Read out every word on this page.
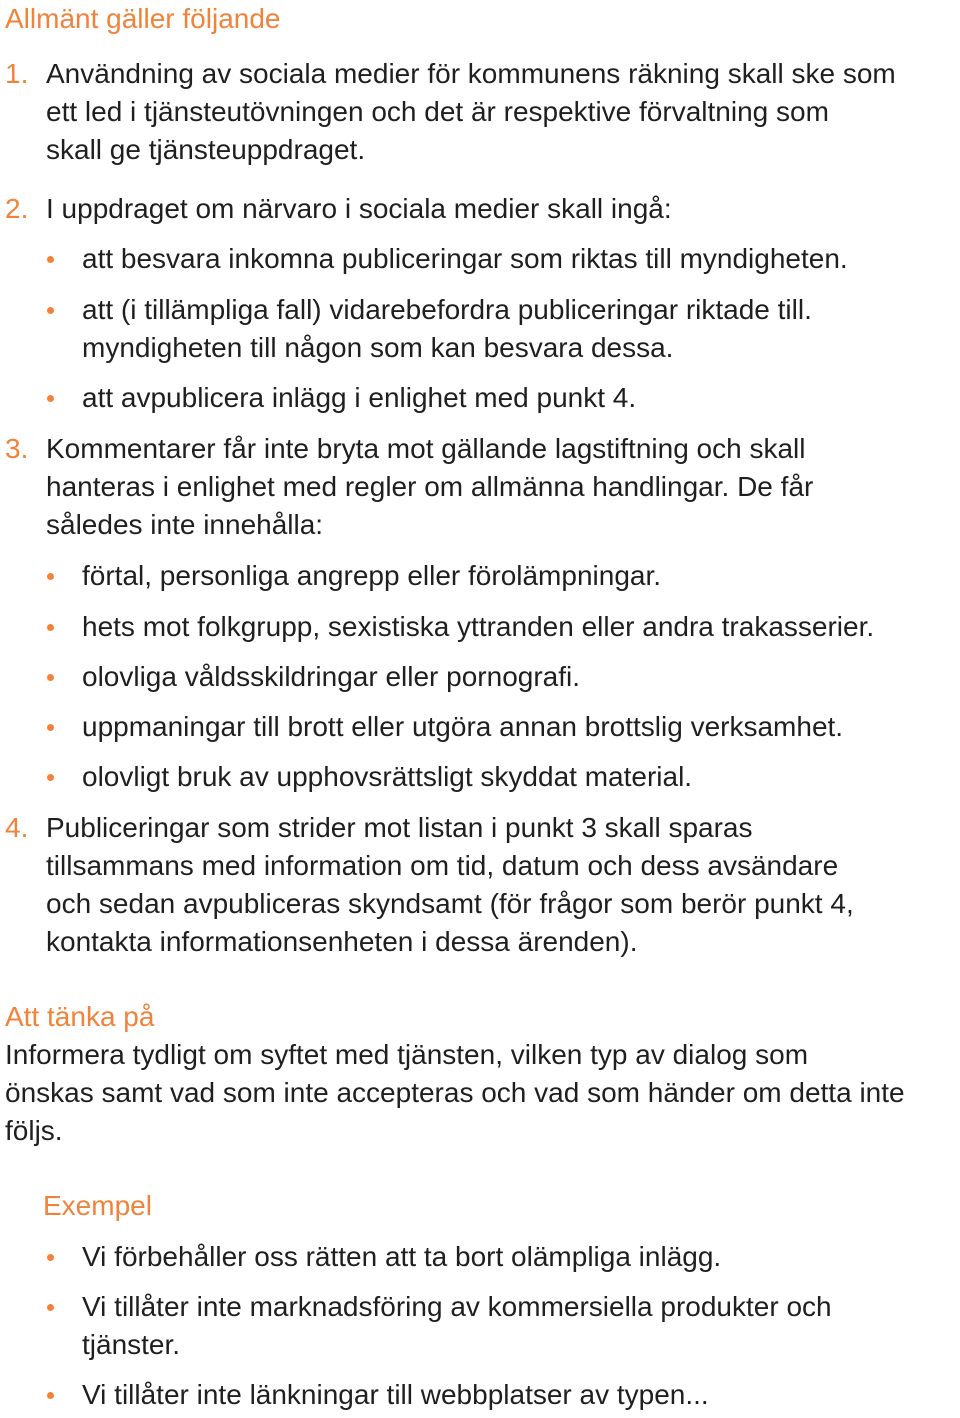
Allmänt gäller följande
1. Användning av sociala medier för kommunens räkning skall ske som
ett led i tjänsteutövningen och det är respektive förvaltning som
skall ge tjänsteuppdraget.

2. I uppdraget om närvaro i sociala medier skall ingå:

att besvara inkomna publiceringar som riktas till myndigheten.

att (i tillämpliga fall) vidarebefordra publiceringar riktade till.
myndigheten till någon som kan besvara dessa.

att avpublicera inlägg i enlighet med punkt 4.

3. Kommentarer får inte bryta mot gällande lagstiftning och skall
hanteras i enlighet med regler om allmänna handlingar. De får
således inte innehålla:

förtal, personliga angrepp eller förolämpningar.

hets mot folkgrupp, sexistiska yttranden eller andra trakasserier.

olovliga våldsskildringar eller pornografi.

uppmaningar till brott eller utgöra annan brottslig verksamhet.

olovligt bruk av upphovsrättsligt skyddat material.

4. Publiceringar som strider mot listan i punkt 3 skall sparas
tillsammans med information om tid, datum och dess avsändare
och sedan avpubliceras skyndsamt (för frågor som berör punkt 4,
kontakta informationsenheten i dessa ärenden).

Att tänka på

Informera tydligt om syftet med tjänsten, vilken typ av dialog som
önskas samt vad som inte accepteras och vad som händer om detta inte
följs.

Exempel

Vi förbehåller oss rätten att ta bort olämpliga inlägg.

Vi tillåter inte marknadsföring av kommersiella produkter och
tjänster.

Vi tillåter inte länkningar till webbplatser av typen...
